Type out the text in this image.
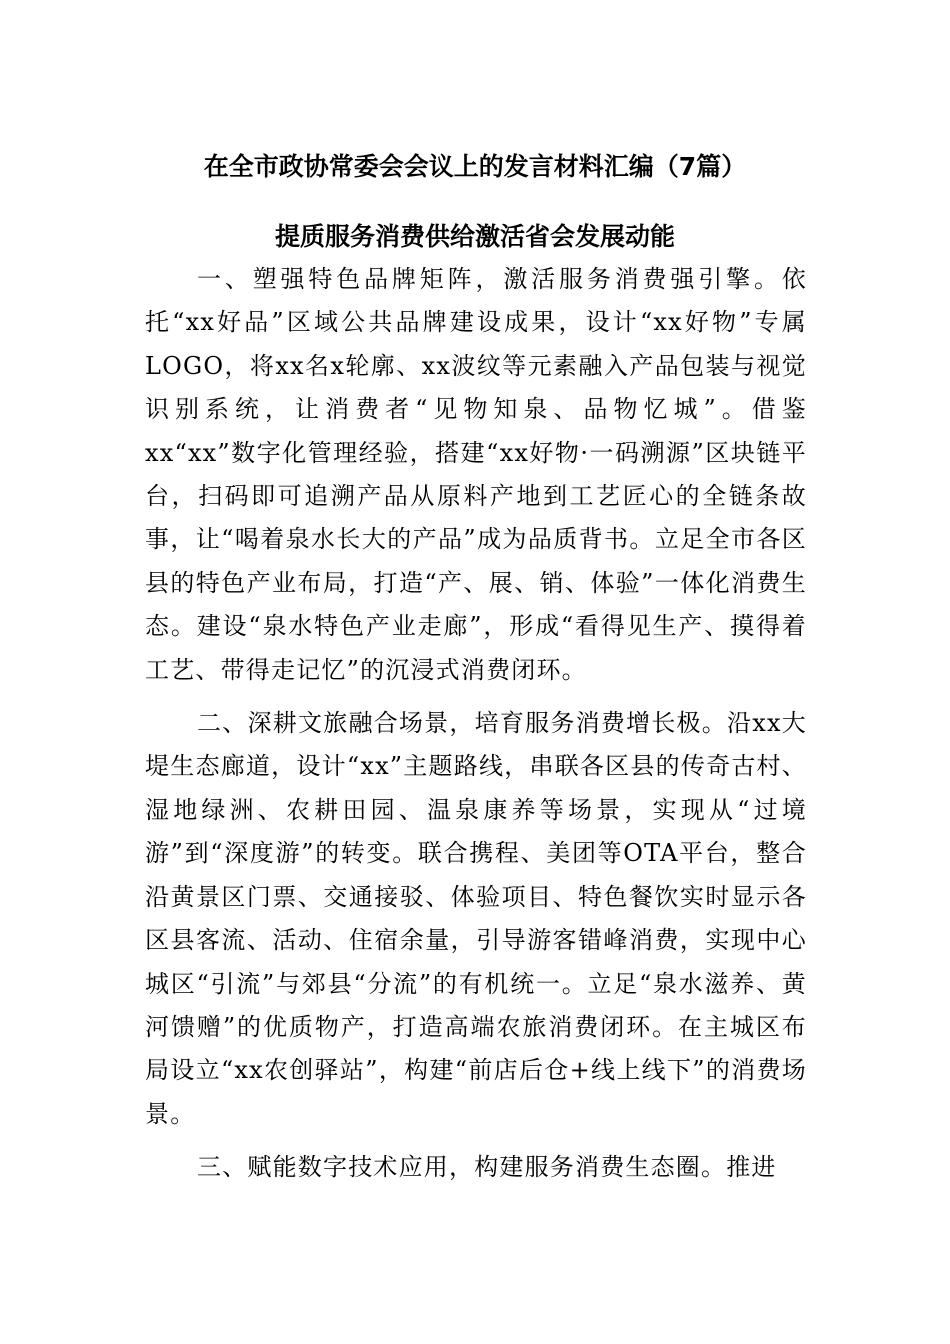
在全市政协常委会会议上的发言材料汇编（7篇）
提质服务消费供给激活省会发展动能

一、塑强特色品牌矩阵，激活服务消费强引擎。依托“xx好品”区域公共品牌建设成果，设计“xx好物”专属LOGO，将xx名x轮廓、xx波纹等元素融入产品包装与视觉识别系统，让消费者“见物知泉、品物忆城”。借鉴xx“xx”数字化管理经验，搭建“xx好物·一码溯源”区块链平台，扫码即可追溯产品从原料产地到工艺匠心的全链条故事，让“喝着泉水长大的产品”成为品质背书。立足全市各区县的特色产业布局，打造“产、展、销、体验”一体化消费生态。建设“泉水特色产业走廊”，形成“看得见生产、摸得着工艺、带得走记忆”的沉浸式消费闭环。

二、深耕文旅融合场景，培育服务消费增长极。沿xx大堤生态廊道，设计“xx”主题路线，串联各区县的传奇古村、湿地绿洲、农耕田园、温泉康养等场景，实现从“过境游”到“深度游”的转变。联合携程、美团等OTA平台，整合沿黄景区门票、交通接驳、体验项目、特色餐饮实时显示各区县客流、活动、住宿余量，引导游客错峰消费，实现中心城区“引流”与郊县“分流”的有机统一。立足“泉水滋养、黄河馈赠”的优质物产，打造高端农旅消费闭环。在主城区布局设立“xx农创驿站”，构建“前店后仓+线上线下”的消费场景。

三、赋能数字技术应用，构建服务消费生态圈。推进
